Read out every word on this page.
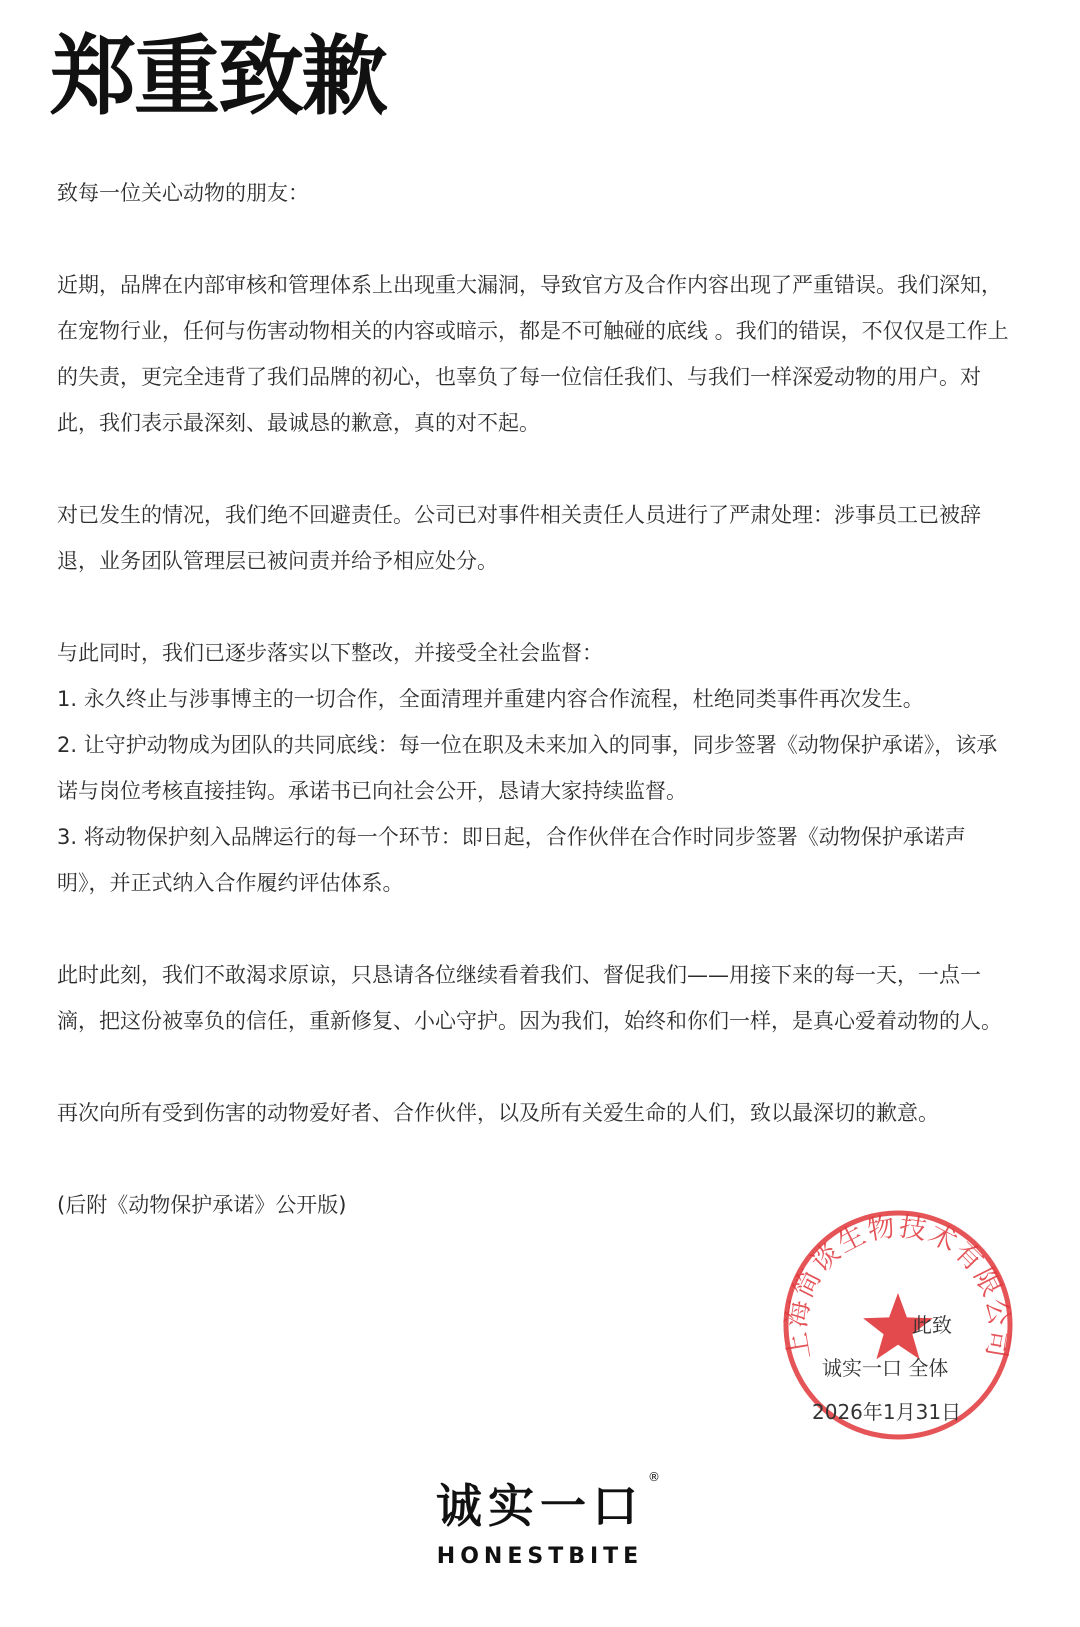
郑重致歉

致每一位关心动物的朋友：

近期，品牌在内部审核和管理体系上出现重大漏洞，导致官方及合作内容出现了严重错误。我们深知，在宠物行业，任何与伤害动物相关的内容或暗示，都是不可触碰的底线 。我们的错误，不仅仅是工作上的失责，更完全违背了我们品牌的初心，也辜负了每一位信任我们、与我们一样深爱动物的用户。对此，我们表示最深刻、最诚恳的歉意，真的对不起。

对已发生的情况，我们绝不回避责任。公司已对事件相关责任人员进行了严肃处理：涉事员工已被辞退，业务团队管理层已被问责并给予相应处分。

与此同时，我们已逐步落实以下整改，并接受全社会监督：

1. 永久终止与涉事博主的一切合作，全面清理并重建内容合作流程，杜绝同类事件再次发生。

2. 让守护动物成为团队的共同底线：每一位在职及未来加入的同事，同步签署《动物保护承诺》，该承诺与岗位考核直接挂钩。承诺书已向社会公开，恳请大家持续监督。

3. 将动物保护刻入品牌运行的每一个环节：即日起，合作伙伴在合作时同步签署《动物保护承诺声明》，并正式纳入合作履约评估体系。

此时此刻，我们不敢渴求原谅，只恳请各位继续看着我们、督促我们——用接下来的每一天，一点一滴，把这份被辜负的信任，重新修复、小心守护。因为我们，始终和你们一样，是真心爱着动物的人。

再次向所有受到伤害的动物爱好者、合作伙伴，以及所有关爱生命的人们，致以最深切的歉意。

(后附《动物保护承诺》公开版)

上海简谈生物技术有限公司
此致
诚实一口 全体
2026年1月31日
诚实一口
®
HONESTBITE
